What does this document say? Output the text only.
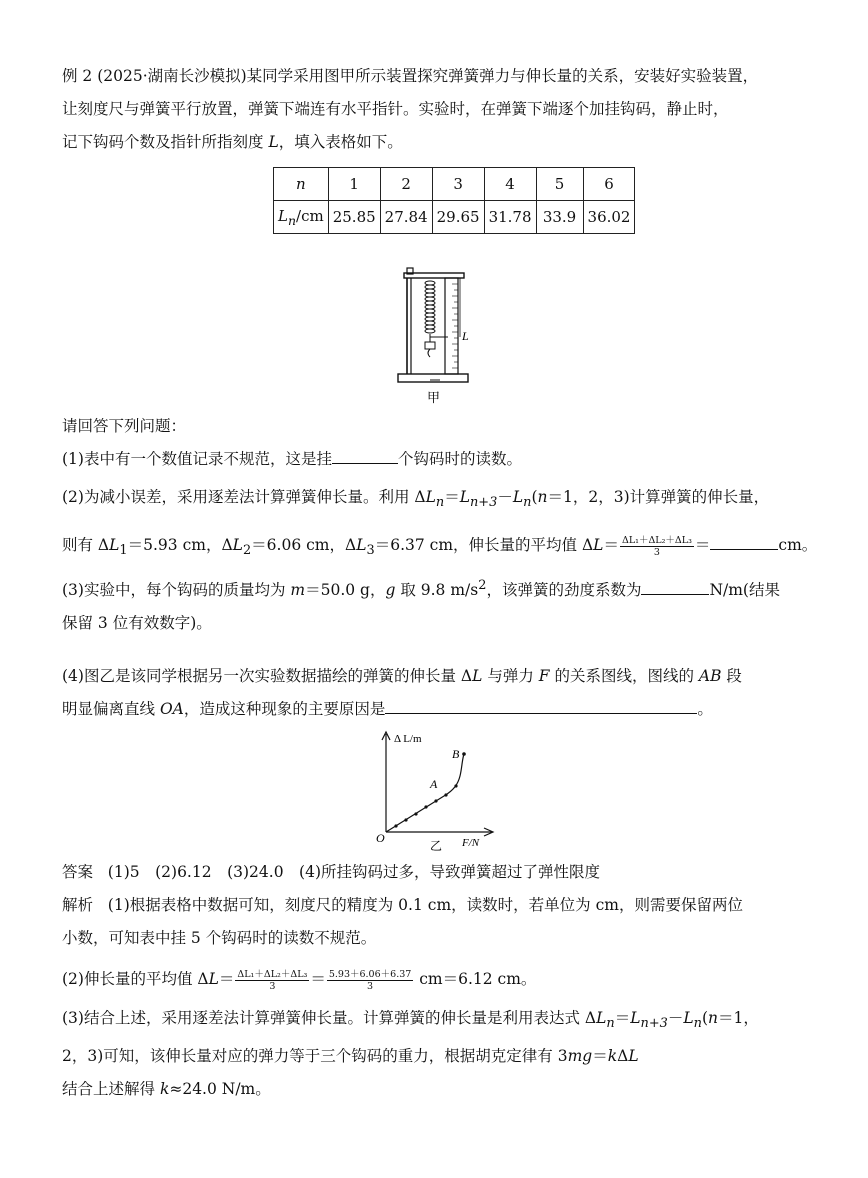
例 2 (2025·湖南长沙模拟)某同学采用图甲所示装置探究弹簧弹力与伸长量的关系，安装好实验装置，
让刻度尺与弹簧平行放置，弹簧下端连有水平指针。实验时，在弹簧下端逐个加挂钩码，静止时，
记下钩码个数及指针所指刻度 L，填入表格如下。
n	1	2	3	4	5	6
$L_n/cm$	25.85	27.84	29.65	31.78	33.9	36.02
L
甲
请回答下列问题：
(1)表中有一个数值记录不规范，这是挂	个钩码时的读数。
(2)为减小误差，采用逐差法计算弹簧伸长量。利用 $\Delta L_n=L_{n+3}-L_n(n=1$，2，3)计算弹簧的伸长量，
则有 $\Delta L_1=5.93$ cm，$\Delta L_2=6.06$ cm，$\Delta L_3=6.37$ cm，伸长量的平均值 $\Delta L= \frac{\text{ΔL₁＋ΔL₂＋ΔL₃}}{3}$ ＝	cm。
(3)实验中，每个钩码的质量均为 m＝50.0 g，g 取 9.8 $m/s^2$，该弹簧的劲度系数为	N/m(结果
保留 3 位有效数字)。
(4)图乙是该同学根据另一次实验数据描绘的弹簧的伸长量 ΔL 与弹力 F 的关系图线，图线的 AB 段
明显偏离直线 OA，造成这种现象的主要原因是	。
Δ L/m
F/N
O
A
B
乙
答案 (1)5　(2)6.12　(3)24.0　(4)所挂钩码过多，导致弹簧超过了弹性限度
解析 (1)根据表格中数据可知，刻度尺的精度为 0.1 cm，读数时，若单位为 cm，则需要保留两位
小数，可知表中挂 5 个钩码时的读数不规范。
(2)伸长量的平均值 $\Delta L= \frac{\text{ΔL₁＋ΔL₂＋ΔL₃}}{3} = \frac{5.93+6.06+6.37}{3} cm=6.12$ cm。
(3)结合上述，采用逐差法计算弹簧伸长量。计算弹簧的伸长量是利用表达式 $\Delta L_n=L_{n+3}-L_n(n=1$，
2，3)可知，该伸长量对应的弹力等于三个钩码的重力，根据胡克定律有 3mg＝kΔL
结合上述解得 k≈24.0 N/m。
